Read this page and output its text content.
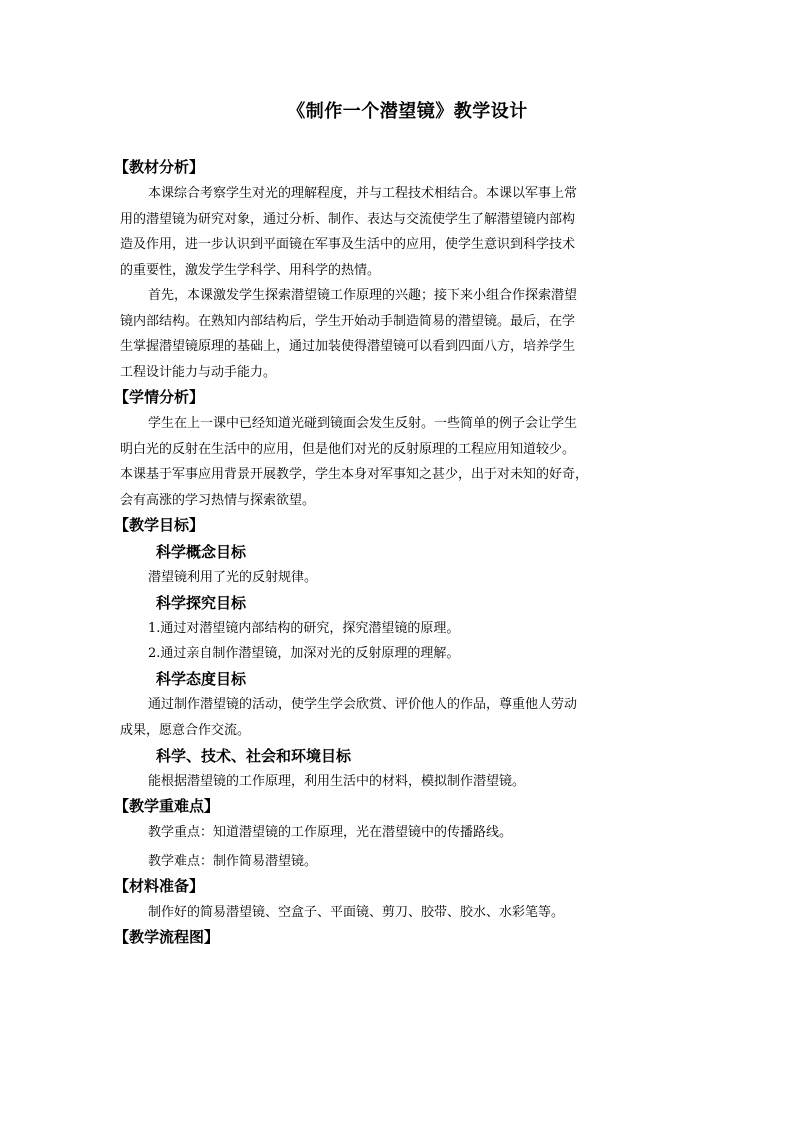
《制作一个潜望镜》教学设计
【教材分析】
本课综合考察学生对光的理解程度，并与工程技术相结合。本课以军事上常
用的潜望镜为研究对象，通过分析、制作、表达与交流使学生了解潜望镜内部构
造及作用，进一步认识到平面镜在军事及生活中的应用，使学生意识到科学技术
的重要性，激发学生学科学、用科学的热情。
首先，本课激发学生探索潜望镜工作原理的兴趣；接下来小组合作探索潜望
镜内部结构。在熟知内部结构后，学生开始动手制造简易的潜望镜。最后，在学
生掌握潜望镜原理的基础上，通过加装使得潜望镜可以看到四面八方，培养学生
工程设计能力与动手能力。
【学情分析】
学生在上一课中已经知道光碰到镜面会发生反射。一些简单的例子会让学生
明白光的反射在生活中的应用，但是他们对光的反射原理的工程应用知道较少。
本课基于军事应用背景开展教学，学生本身对军事知之甚少，出于对未知的好奇，
会有高涨的学习热情与探索欲望。
【教学目标】
科学概念目标
潜望镜利用了光的反射规律。
科学探究目标
1.通过对潜望镜内部结构的研究，探究潜望镜的原理。
2.通过亲自制作潜望镜，加深对光的反射原理的理解。
科学态度目标
通过制作潜望镜的活动，使学生学会欣赏、评价他人的作品，尊重他人劳动
成果，愿意合作交流。
科学、技术、社会和环境目标
能根据潜望镜的工作原理，利用生活中的材料，模拟制作潜望镜。
【教学重难点】
教学重点：知道潜望镜的工作原理，光在潜望镜中的传播路线。
教学难点：制作简易潜望镜。
【材料准备】
制作好的简易潜望镜、空盒子、平面镜、剪刀、胶带、胶水、水彩笔等。
【教学流程图】
